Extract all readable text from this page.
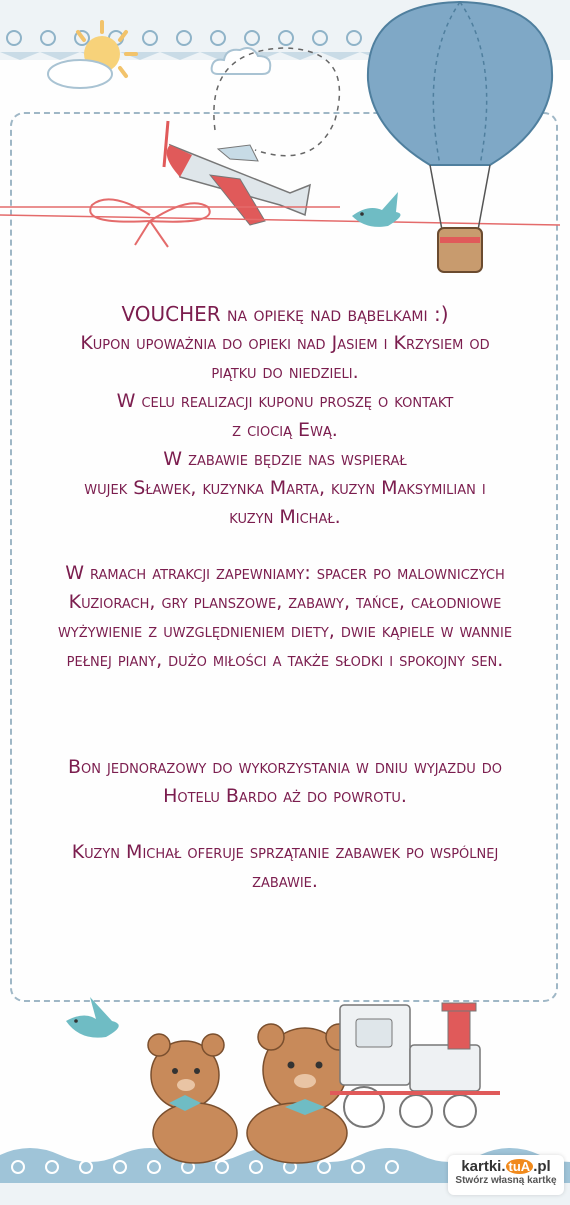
VOUCHER na opiekę nad bąbelkami :)

Kupon upoważnia do opieki nad Jasiem i Krzysiem od

piątku do niedzieli.

W celu realizacji kuponu proszę o kontakt

z ciocią Ewą.

W zabawie będzie nas wspierał

wujek Sławek, kuzynka Marta, kuzyn Maksymilian i

kuzyn Michał.

W ramach atrakcji zapewniamy: spacer po malowniczych

Kuziorach, gry planszowe, zabawy, tańce, całodniowe

wyżywienie z uwzględnieniem diety, dwie kąpiele w wannie

pełnej piany, dużo miłości a także słodki i spokojny sen.

Bon jednorazowy do wykorzystania w dniu wyjazdu do

Hotelu Bardo aż do powrotu.

Kuzyn Michał oferuje sprzątanie zabawek po wspólnej

zabawie.

kartki. tuA .pl
Stwórz własną kartkę
